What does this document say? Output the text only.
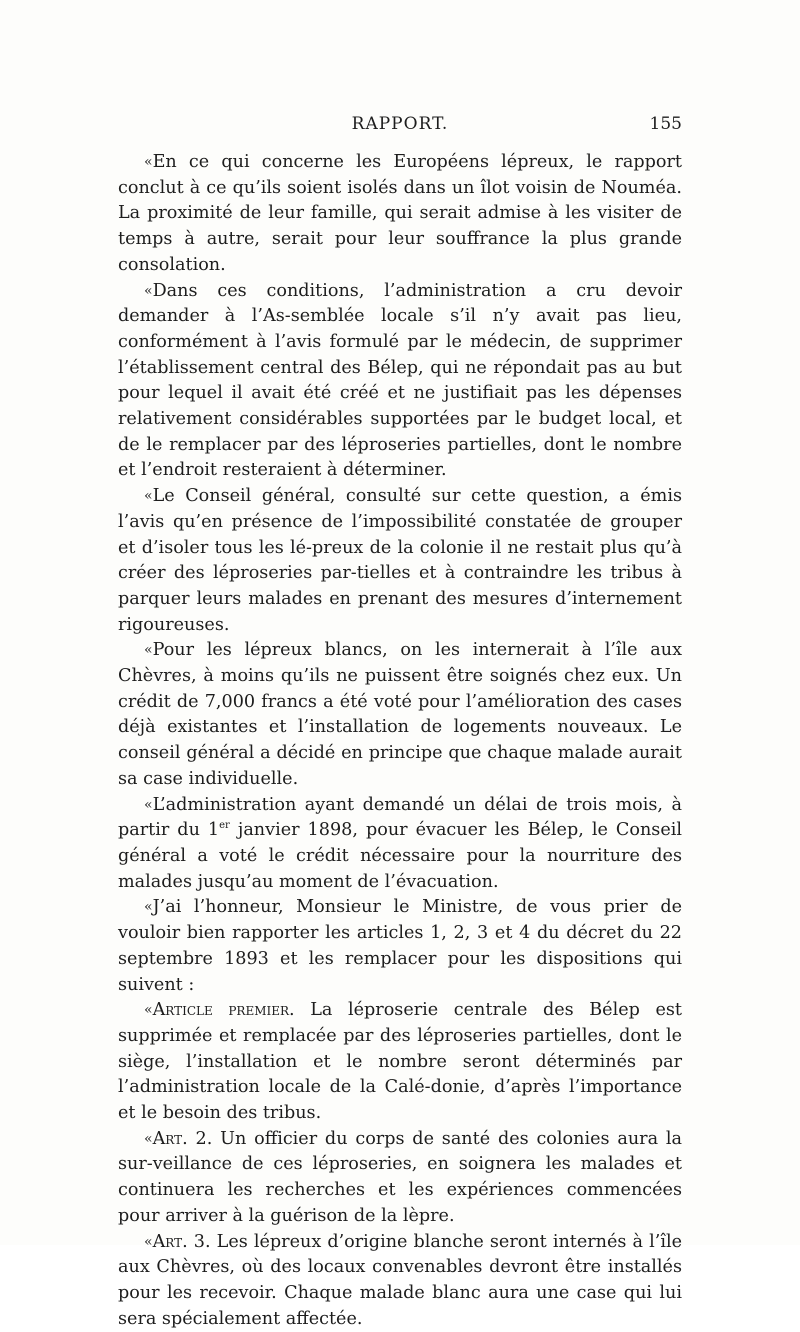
RAPPORT.	155

«En ce qui concerne les Européens lépreux, le rapport conclut à ce qu’ils soient isolés dans un îlot voisin de Nouméa. La proximité de leur famille, qui serait admise à les visiter de temps à autre, serait pour leur souffrance la plus grande consolation.

«Dans ces conditions, l’administration a cru devoir demander à l’As-semblée locale s’il n’y avait pas lieu, conformément à l’avis formulé par le médecin, de supprimer l’établissement central des Bélep, qui ne répondait pas au but pour lequel il avait été créé et ne justifiait pas les dépenses relativement considérables supportées par le budget local, et de le remplacer par des léproseries partielles, dont le nombre et l’endroit resteraient à déterminer.

«Le Conseil général, consulté sur cette question, a émis l’avis qu’en présence de l’impossibilité constatée de grouper et d’isoler tous les lé-preux de la colonie il ne restait plus qu’à créer des léproseries par-tielles et à contraindre les tribus à parquer leurs malades en prenant des mesures d’internement rigoureuses.

«Pour les lépreux blancs, on les internerait à l’île aux Chèvres, à moins qu’ils ne puissent être soignés chez eux. Un crédit de 7,000 francs a été voté pour l’amélioration des cases déjà existantes et l’installation de logements nouveaux. Le conseil général a décidé en principe que chaque malade aurait sa case individuelle.

«L’administration ayant demandé un délai de trois mois, à partir du 1er janvier 1898, pour évacuer les Bélep, le Conseil général a voté le crédit nécessaire pour la nourriture des malades jusqu’au moment de l’évacuation.

«J’ai l’honneur, Monsieur le Ministre, de vous prier de vouloir bien rapporter les articles 1, 2, 3 et 4 du décret du 22 septembre 1893 et les remplacer pour les dispositions qui suivent :

«Article premier. La léproserie centrale des Bélep est supprimée et remplacée par des léproseries partielles, dont le siège, l’installation et le nombre seront déterminés par l’administration locale de la Calé-donie, d’après l’importance et le besoin des tribus.

«Art. 2. Un officier du corps de santé des colonies aura la sur-veillance de ces léproseries, en soignera les malades et continuera les recherches et les expériences commencées pour arriver à la guérison de la lèpre.

«Art. 3. Les lépreux d’origine blanche seront internés à l’île aux Chèvres, où des locaux convenables devront être installés pour les recevoir. Chaque malade blanc aura une case qui lui sera spécialement affectée.
